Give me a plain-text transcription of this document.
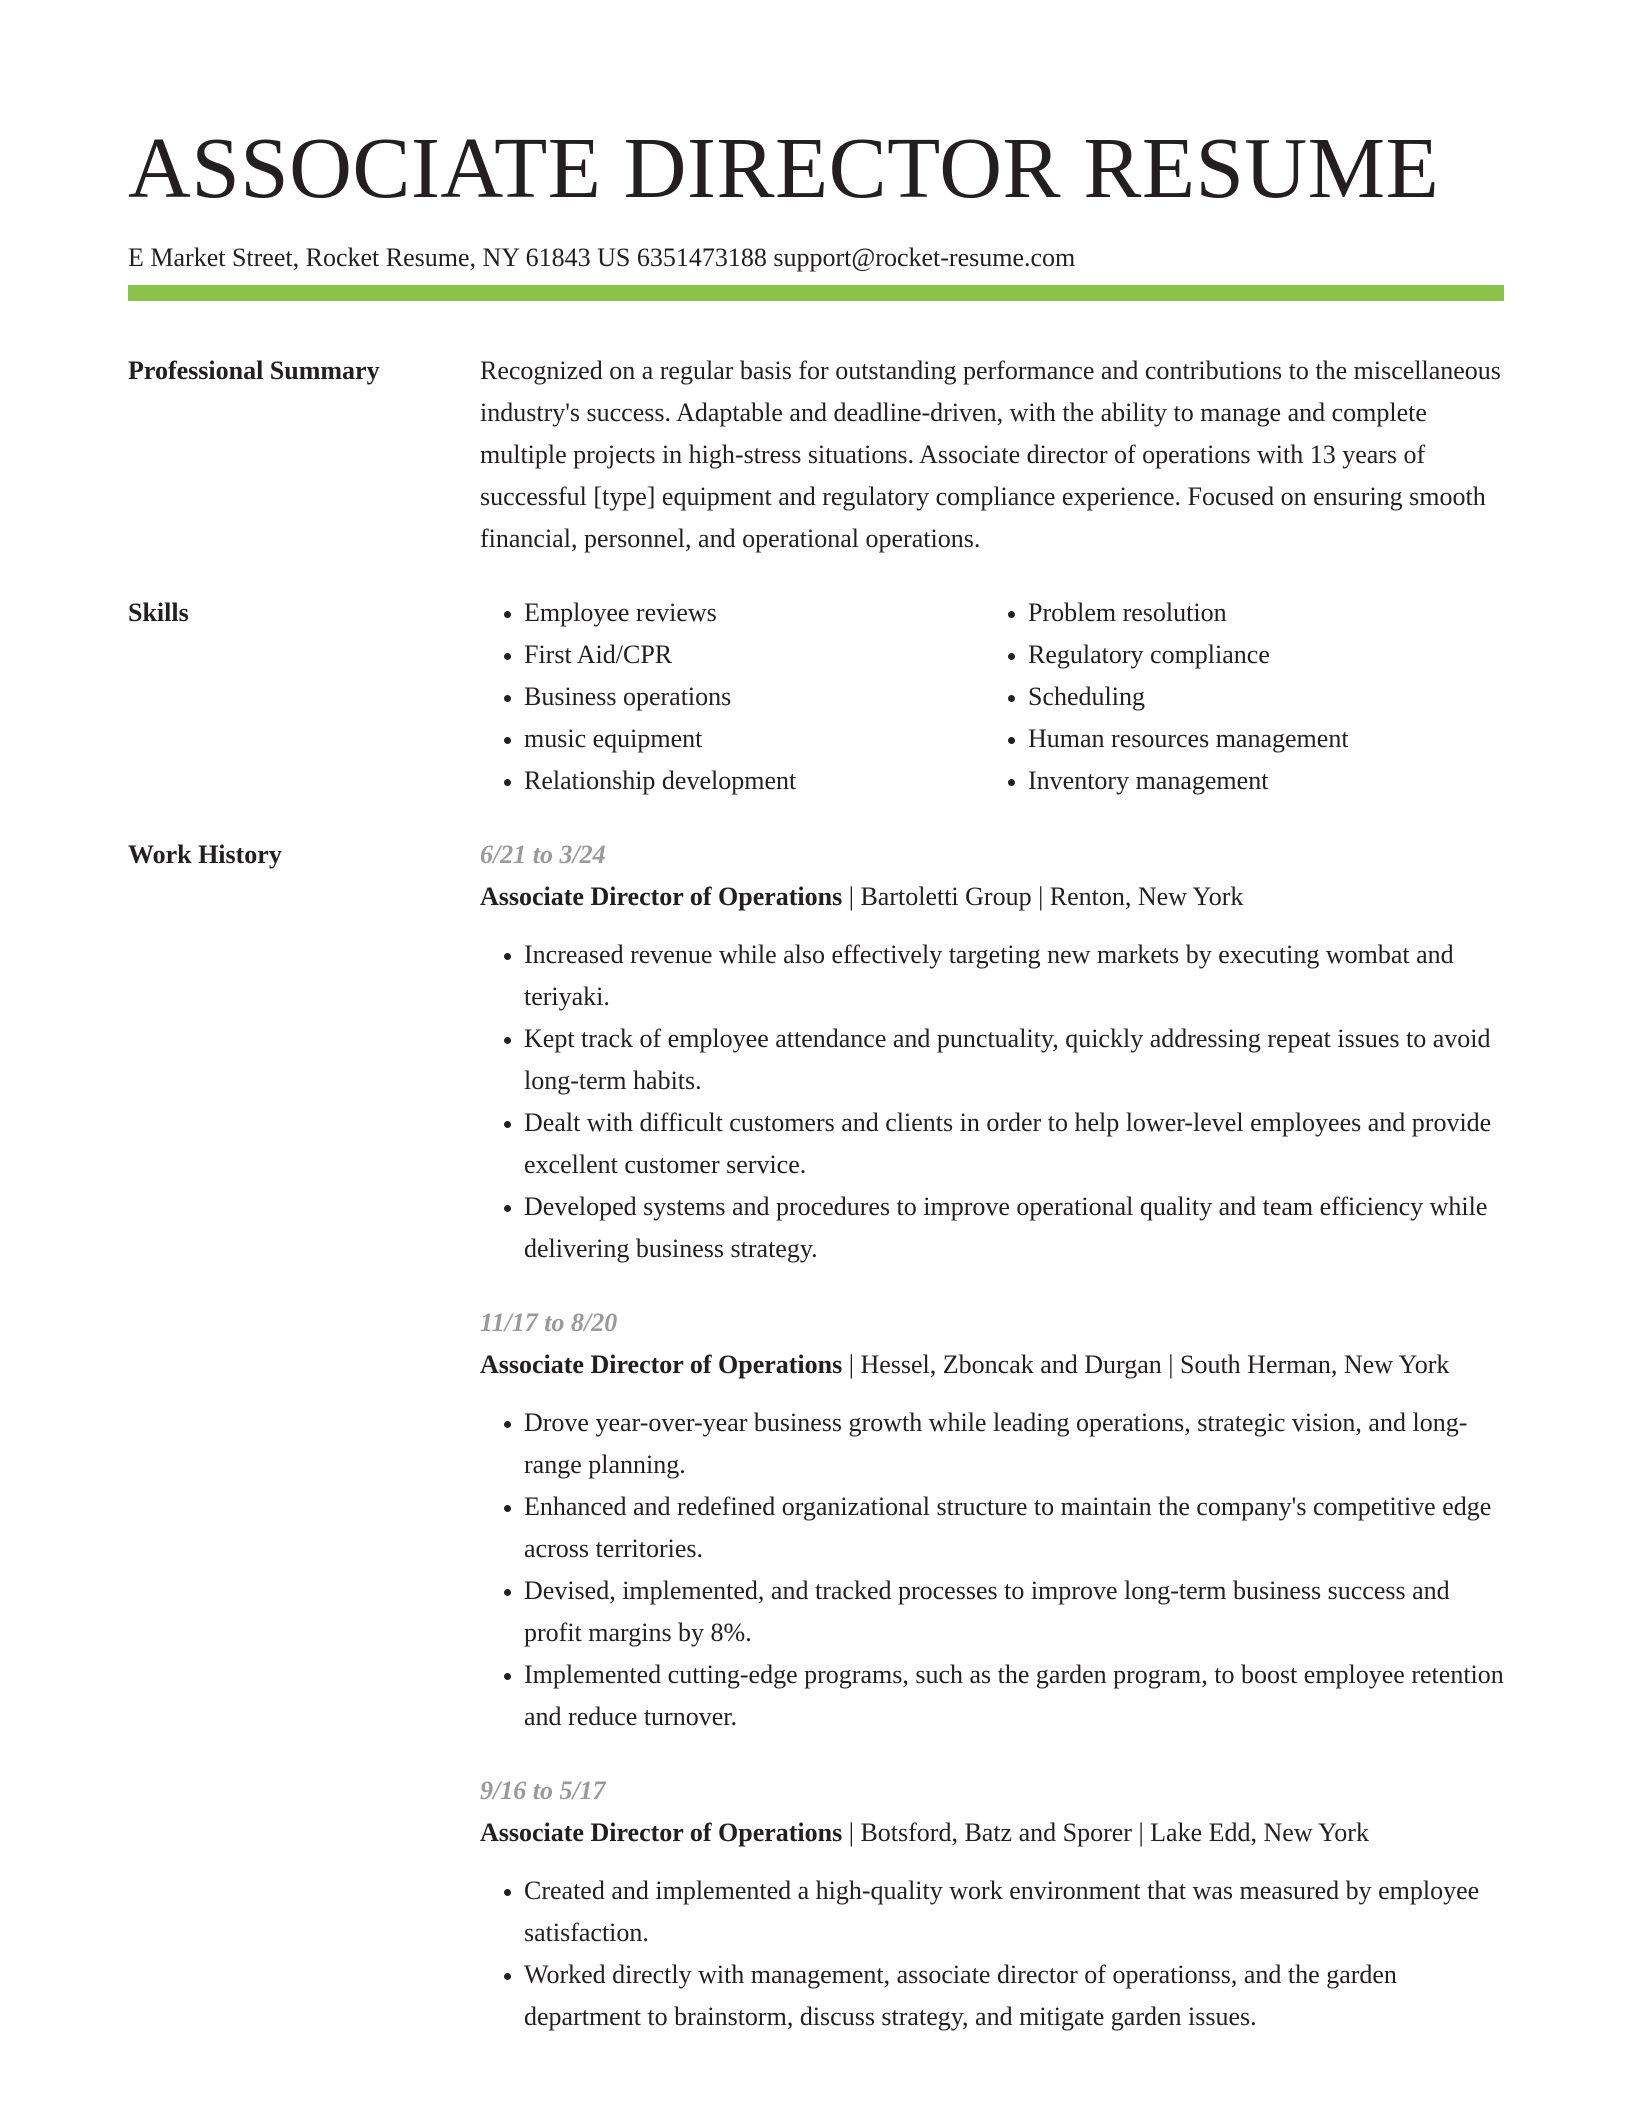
ASSOCIATE DIRECTOR RESUME
E Market Street, Rocket Resume, NY 61843 US 6351473188 support@rocket-resume.com
Professional Summary	Recognized on a regular basis for outstanding performance and contributions to the miscellaneous industry's success. Adaptable and deadline-driven, with the ability to manage and complete multiple projects in high-stress situations. Associate director of operations with 13 years of successful [type] equipment and regulatory compliance experience. Focused on ensuring smooth financial, personnel, and operational operations.

Skills
•	Employee reviews
• First Aid/CPR
• Business operations
• music equipment
• Relationship development
• Problem resolution
• Regulatory compliance
• Scheduling
• Human resources management
• Inventory management
Work History	6/21 to 3/24
Associate Director of Operations | Bartoletti Group | Renton, New York
• Increased revenue while also effectively targeting new markets by executing wombat and teriyaki.
• Kept track of employee attendance and punctuality, quickly addressing repeat issues to avoid long-term habits.
• Dealt with difficult customers and clients in order to help lower-level employees and provide excellent customer service.
• Developed systems and procedures to improve operational quality and team efficiency while delivering business strategy.
11/17 to 8/20
Associate Director of Operations | Hessel, Zboncak and Durgan | South Herman, New York
• Drove year-over-year business growth while leading operations, strategic vision, and long-range planning.
• Enhanced and redefined organizational structure to maintain the company's competitive edge across territories.
• Devised, implemented, and tracked processes to improve long-term business success and profit margins by 8%.
• Implemented cutting-edge programs, such as the garden program, to boost employee retention and reduce turnover.
9/16 to 5/17
Associate Director of Operations | Botsford, Batz and Sporer | Lake Edd, New York
• Created and implemented a high-quality work environment that was measured by employee satisfaction.
• Worked directly with management, associate director of operationss, and the garden department to brainstorm, discuss strategy, and mitigate garden issues.
